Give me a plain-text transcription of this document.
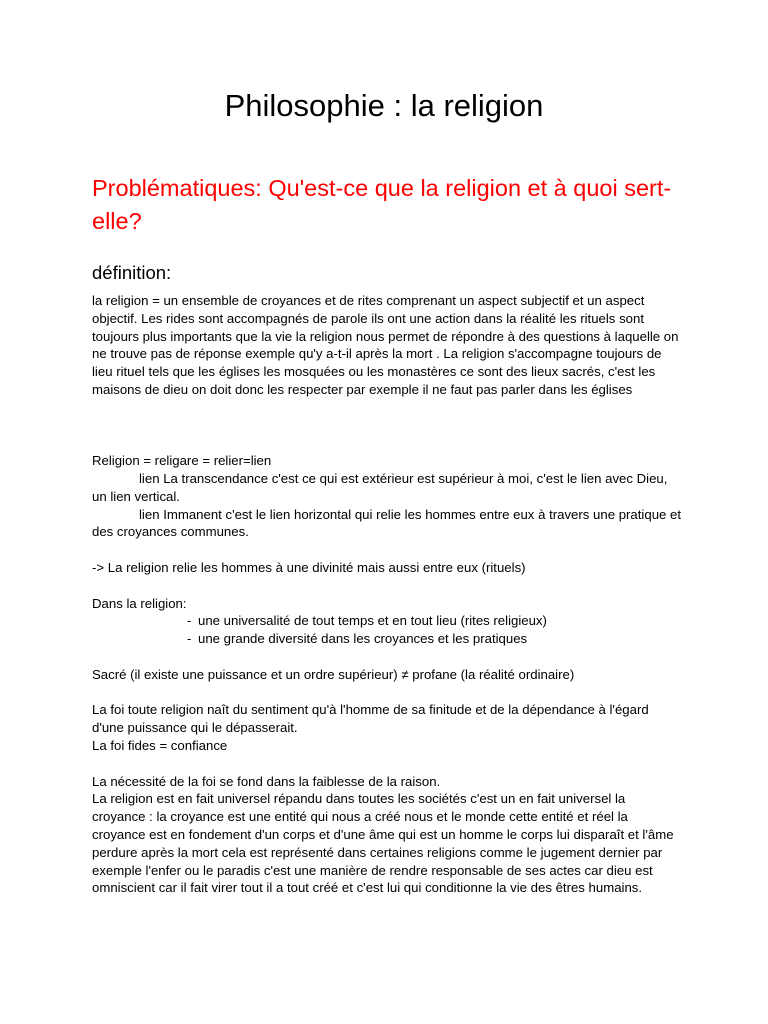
Philosophie : la religion
Problématiques: Qu'est-ce que la religion et à quoi sert-elle?
définition:

la religion = un ensemble de croyances et de rites comprenant un aspect subjectif et un aspect objectif. Les rides sont accompagnés de parole ils ont une action dans la réalité les rituels sont toujours plus importants que la vie la religion nous permet de répondre à des questions à laquelle on ne trouve pas de réponse exemple qu'y a-t-il après la mort . La religion s'accompagne toujours de lieu rituel tels que les églises les mosquées ou les monastères ce sont des lieux sacrés, c'est les maisons de dieu on doit donc les respecter par exemple il ne faut pas parler dans les églises

Religion = religare = relier=lien

lien La transcendance c'est ce qui est extérieur est supérieur à moi, c'est le lien avec Dieu, un lien vertical.

lien Immanent c'est le lien horizontal qui relie les hommes entre eux à travers une pratique et des croyances communes.

-> La religion relie les hommes à une divinité mais aussi entre eux (rituels)

Dans la religion:

- une universalité de tout temps et en tout lieu (rites religieux)

- une grande diversité dans les croyances et les pratiques

Sacré (il existe une puissance et un ordre supérieur) ≠ profane (la réalité ordinaire)

La foi toute religion naît du sentiment qu'à l'homme de sa finitude et de la dépendance à l'égard d'une puissance qui le dépasserait.

La foi fides = confiance

La nécessité de la foi se fond dans la faiblesse de la raison.

La religion est en fait universel répandu dans toutes les sociétés c'est un en fait universel la croyance : la croyance est une entité qui nous a créé nous et le monde cette entité et réel la croyance est en fondement d'un corps et d'une âme qui est un homme le corps lui disparaît et l'âme perdure après la mort cela est représenté dans certaines religions comme le jugement dernier par exemple l'enfer ou le paradis c'est une manière de rendre responsable de ses actes car dieu est omniscient car il fait virer tout il a tout créé et c'est lui qui conditionne la vie des êtres humains.
